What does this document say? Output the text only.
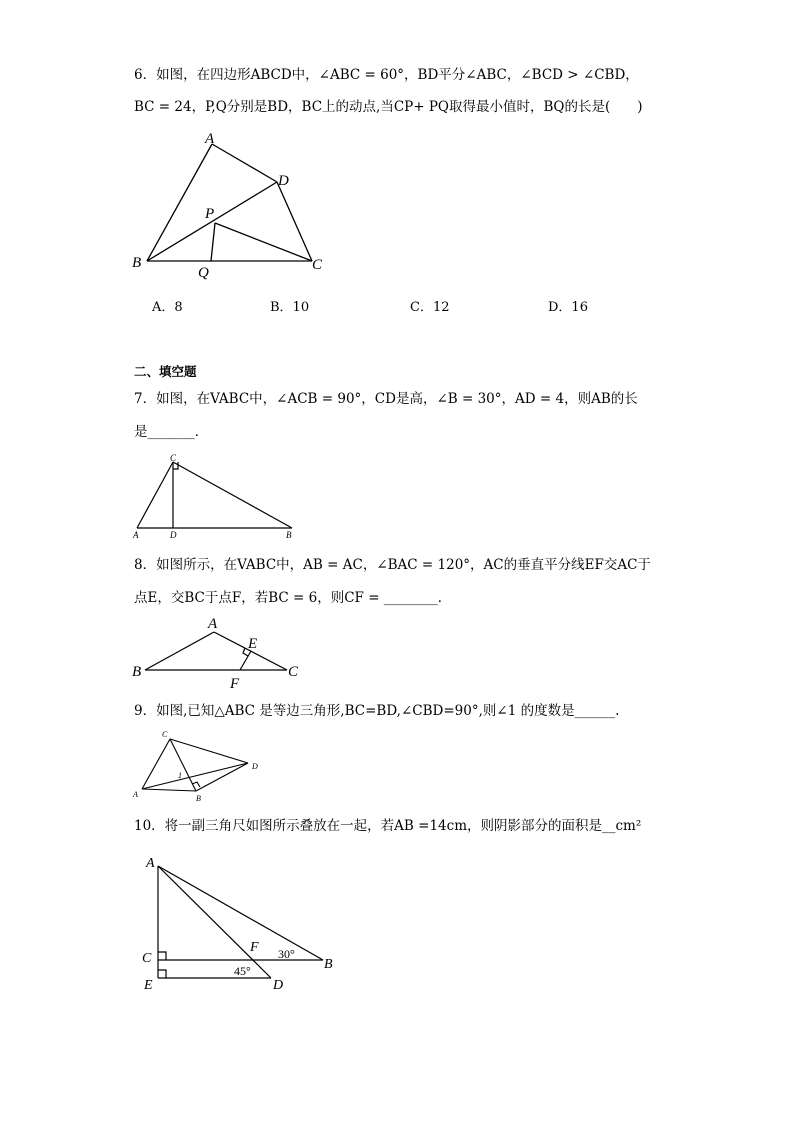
6．如图，在四边形ABCD中，∠ABC = 60°，BD平分∠ABC，∠BCD > ∠CBD，
BC = 24，P,Q分别是BD，BC上的动点,当CP+ PQ取得最小值时，BQ的长是(　　)
A
B	C
D
P
Q
A．8	B．10	C．12	D．16
二、填空题
7．如图，在VABC中，∠ACB = 90°，CD是高，∠B = 30°，AD = 4，则AB的长
是_______．
C
A	D	B
8．如图所示，在VABC中，AB = AC，∠BAC = 120°，AC的垂直平分线EF交AC于
点E，交BC于点F，若BC = 6，则CF = ________．
A
B	C
E
F
9．如图,已知△ABC 是等边三角形,BC=BD,∠CBD=90°,则∠1 的度数是______.
C
A	B
D
1
10．将一副三角尺如图所示叠放在一起，若AB =14cm，则阴影部分的面积是__cm²
A
C
E
B
D
F 30°
45°
